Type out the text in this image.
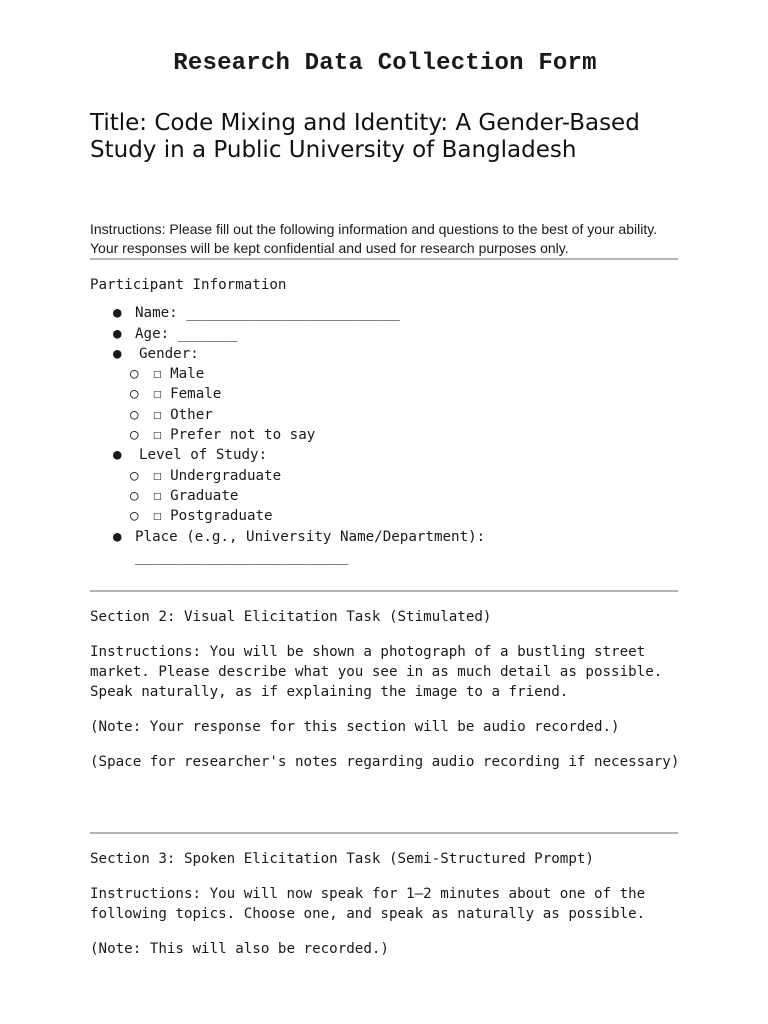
Research Data Collection Form
Title: Code Mixing and Identity: A Gender-Based Study in a Public University of Bangladesh
Instructions: Please fill out the following information and questions to the best of your ability. Your responses will be kept confidential and used for research purposes only.
Participant Information
● Name: _________________________
● Age: _______
● Gender:
○ ☐ Male
○ ☐ Female
○ ☐ Other
○ ☐ Prefer not to say
● Level of Study:
○ ☐ Undergraduate
○ ☐ Graduate
○ ☐ Postgraduate
● Place (e.g., University Name/Department):
_________________________

Section 2: Visual Elicitation Task (Stimulated)

Instructions: You will be shown a photograph of a bustling street market. Please describe what you see in as much detail as possible. Speak naturally, as if explaining the image to a friend.

(Note: Your response for this section will be audio recorded.)

(Space for researcher's notes regarding audio recording if necessary)

Section 3: Spoken Elicitation Task (Semi-Structured Prompt)

Instructions: You will now speak for 1–2 minutes about one of the following topics. Choose one, and speak as naturally as possible.

(Note: This will also be recorded.)
